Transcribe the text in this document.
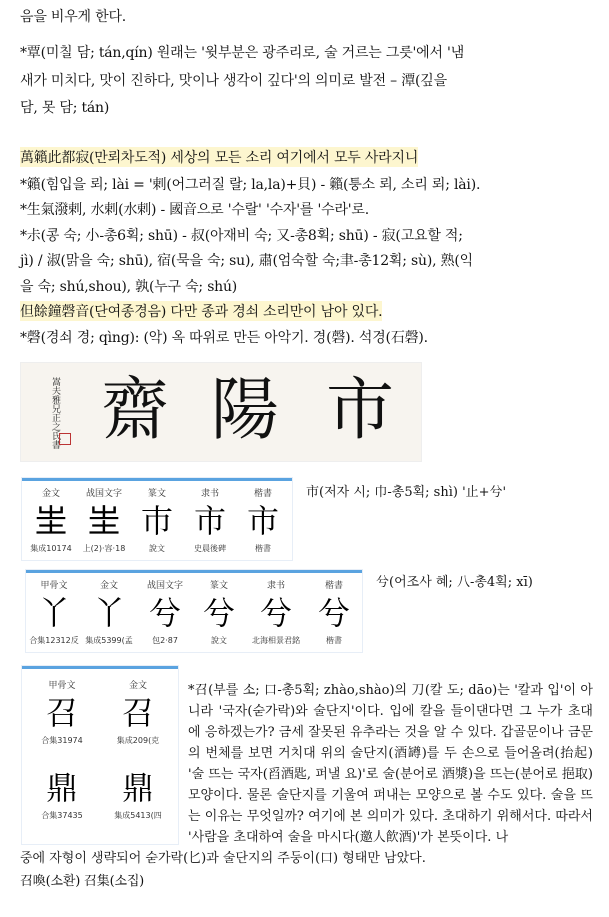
음을 비우게 한다.
*覃(미칠 담; tán,qín) 원래는 '윗부분은 광주리로, 술 거르는 그릇'에서 '냄
새가 미치다, 맛이 진하다, 맛이나 생각이 깊다'의 의미로 발전 – 潭(깊을
담, 못 담; tán)
萬籟此都寂(만뢰차도적) 세상의 모든 소리 여기에서 모두 사라지니
*籟(힘입을 뢰; lài = '剌(어그러질 랄; la,la)+貝) - 籟(퉁소 뢰, 소리 뢰; lài).
*生氣潑剌, 水剌(水剌) - 國音으로 '수랄' '수자'를 '수라'로.
*尗(콩 숙; 小-총6획; shū) - 叔(아재비 숙; 又-총8획; shū) - 寂(고요할 적;
jì) / 淑(맑을 숙; shū), 宿(묵을 숙; su), 肅(엄숙할 숙;聿-총12획; sù), 熟(익
을 숙; shú,shou), 孰(누구 숙; shú)
但餘鐘磬音(단여종경음) 다만 종과 경쇠 소리만이 남아 있다.
*磬(경쇠 경; qìng): (악) 옥 따위로 만든 아악기. 경(磬). 석경(石磬).
嵩夫雅兄正之氏書 齋 陽 市
金文
𡉚
集成10174
战国文字
𡉚
上(2)·容·18
篆文
巿
說文
隶书
市
史晨後碑
楷書
市
楷書
市(저자 시; 巾-총5획; shì) '止+兮'
甲骨文
丫
合集12312反
金文
丫
集成5399(孟
战国文字
兮
包2·87
篆文
兮
說文
隶书
兮
北海相景君銘
楷書
兮
楷書
兮(어조사 혜; 八-총4획; xī)
甲骨文
召
合集31974
金文
召
集成209(克
鼎
合集37435
鼎
集成5413(四
*召(부를 소; 口-총5획; zhào,shào)의 刀(칼 도; dāo)는 '칼과 입'이 아니라 '국자(숟가락)와 술단지'이다. 입에 칼을 들이댄다면 그 누가 초대에 응하겠는가? 금세 잘못된 유추라는 것을 알 수 있다. 갑골문이나 금문의 번체를 보면 거치대 위의 술단지(酒罇)를 두 손으로 들어올려(抬起) '술 뜨는 국자(舀酒匙, 퍼낼 요)'로 술(분어로 酒漿)을 뜨는(분어로 挹取) 모양이다. 물론 술단지를 기울여 퍼내는 모양으로 볼 수도 있다. 술을 뜨는 이유는 무엇일까? 여기에 본 의미가 있다. 초대하기 위해서다. 따라서 '사람을 초대하여 술을 마시다(邀人飮酒)'가 본뜻이다. 나
중에 자형이 생략되어 숟가락(匕)과 술단지의 주둥이(口) 형태만 남았다.
召喚(소환) 召集(소집)
